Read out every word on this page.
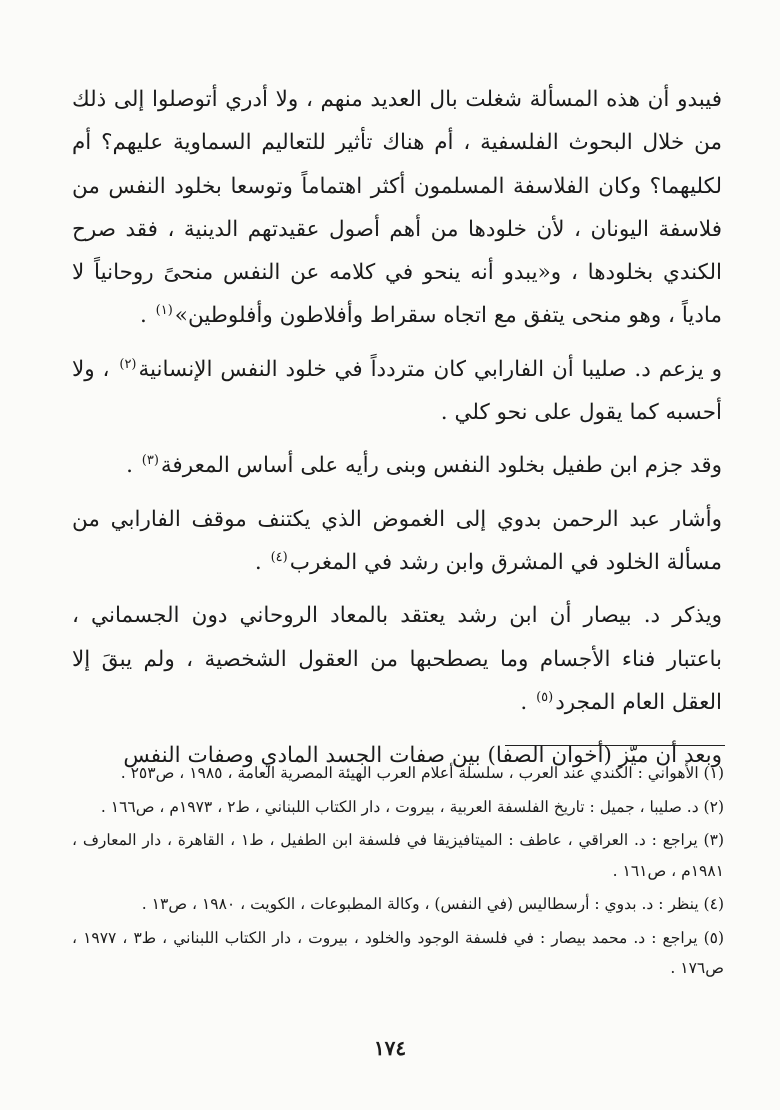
فيبدو أن هذه المسألة شغلت بال العديد منهم ، ولا أدري أتوصلوا إلى ذلك من خلال البحوث الفلسفية ، أم هناك تأثير للتعاليم السماوية عليهم؟ أم لكليهما؟ وكان الفلاسفة المسلمون أكثر اهتماماً وتوسعا بخلود النفس من فلاسفة اليونان ، لأن خلودها من أهم أصول عقيدتهم الدينية ، فقد صرح الكندي بخلودها ، و«يبدو أنه ينحو في كلامه عن النفس منحىً روحانياً لا مادياً ، وهو منحى يتفق مع اتجاه سقراط وأفلاطون وأفلوطين»$^{(١)}$ .

و يزعم د. صليبا أن الفارابي كان متردداً في خلود النفس الإنسانية$^{(٢)}$ ، ولا أحسبه كما يقول على نحو كلي .

وقد جزم ابن طفيل بخلود النفس وبنى رأيه على أساس المعرفة$^{(٣)}$ .

وأشار عبد الرحمن بدوي إلى الغموض الذي يكتنف موقف الفارابي من مسألة الخلود في المشرق وابن رشد في المغرب$^{(٤)}$ .

ويذكر د. بيصار أن ابن رشد يعتقد بالمعاد الروحاني دون الجسماني ، باعتبار فناء الأجسام وما يصطحبها من العقول الشخصية ، ولم يبقَ إلا العقل العام المجرد$^{(٥)}$ .

وبعد أن ميّز (أخوان الصفا) بين صفات الجسد المادي وصفات النفس

(١) الأهواني : الكندي عند العرب ، سلسلة أعلام العرب الهيئة المصرية العامة ، ١٩٨٥ ، ص٢٥٣ .

(٢) د. صليبا ، جميل : تاريخ الفلسفة العربية ، بيروت ، دار الكتاب اللبناني ، ط٢ ، ١٩٧٣م ، ص١٦٦ .

(٣) يراجع : د. العراقي ، عاطف : الميتافيزيقا في فلسفة ابن الطفيل ، ط١ ، القاهرة ، دار المعارف ، ١٩٨١م ، ص١٦١ .

(٤) ينظر : د. بدوي : أرسطاليس (في النفس) ، وكالة المطبوعات ، الكويت ، ١٩٨٠ ، ص١٣ .

(٥) يراجع : د. محمد بيصار : في فلسفة الوجود والخلود ، بيروت ، دار الكتاب اللبناني ، ط٣ ، ١٩٧٧ ، ص١٧٦ .

١٧٤
